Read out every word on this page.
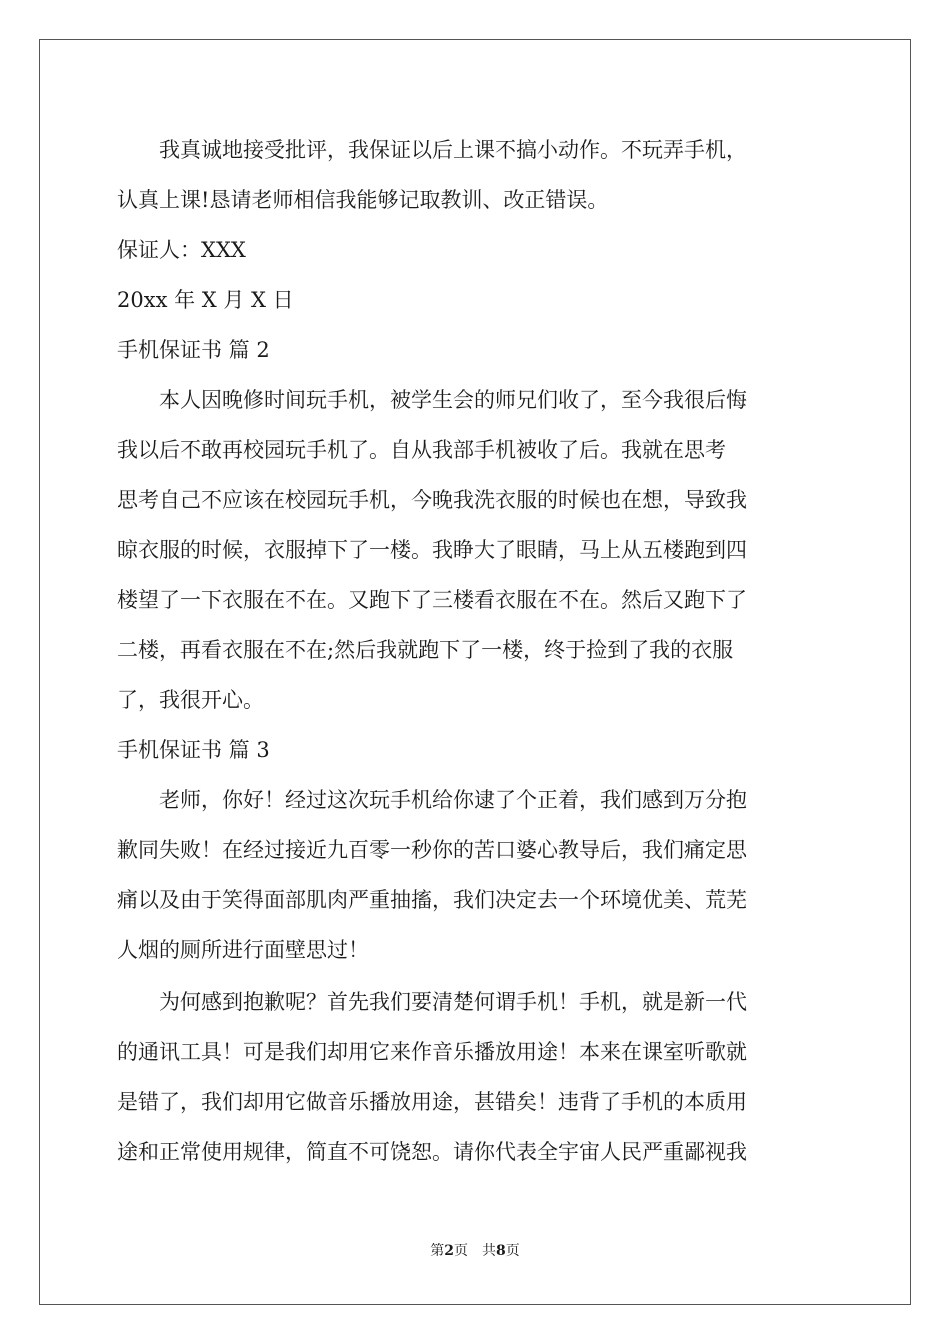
　　我真诚地接受批评，我保证以后上课不搞小动作。不玩弄手机，
认真上课!恳请老师相信我能够记取教训、改正错误。
保证人：XXX
20xx 年 X 月 X 日
手机保证书 篇 2
　　本人因晚修时间玩手机，被学生会的师兄们收了，至今我很后悔
我以后不敢再校园玩手机了。自从我部手机被收了后。我就在思考
思考自己不应该在校园玩手机，今晚我洗衣服的时候也在想，导致我
晾衣服的时候，衣服掉下了一楼。我睁大了眼睛，马上从五楼跑到四
楼望了一下衣服在不在。又跑下了三楼看衣服在不在。然后又跑下了
二楼，再看衣服在不在;然后我就跑下了一楼，终于捡到了我的衣服
了，我很开心。
手机保证书 篇 3
　　老师，你好！经过这次玩手机给你逮了个正着，我们感到万分抱
歉同失败！在经过接近九百零一秒你的苦口婆心教导后，我们痛定思
痛以及由于笑得面部肌肉严重抽搐，我们决定去一个环境优美、荒芜
人烟的厕所进行面壁思过！
　　为何感到抱歉呢？首先我们要清楚何谓手机！手机，就是新一代
的通讯工具！可是我们却用它来作音乐播放用途！本来在课室听歌就
是错了，我们却用它做音乐播放用途，甚错矣！违背了手机的本质用
途和正常使用规律，简直不可饶恕。请你代表全宇宙人民严重鄙视我
第2页　共8页
